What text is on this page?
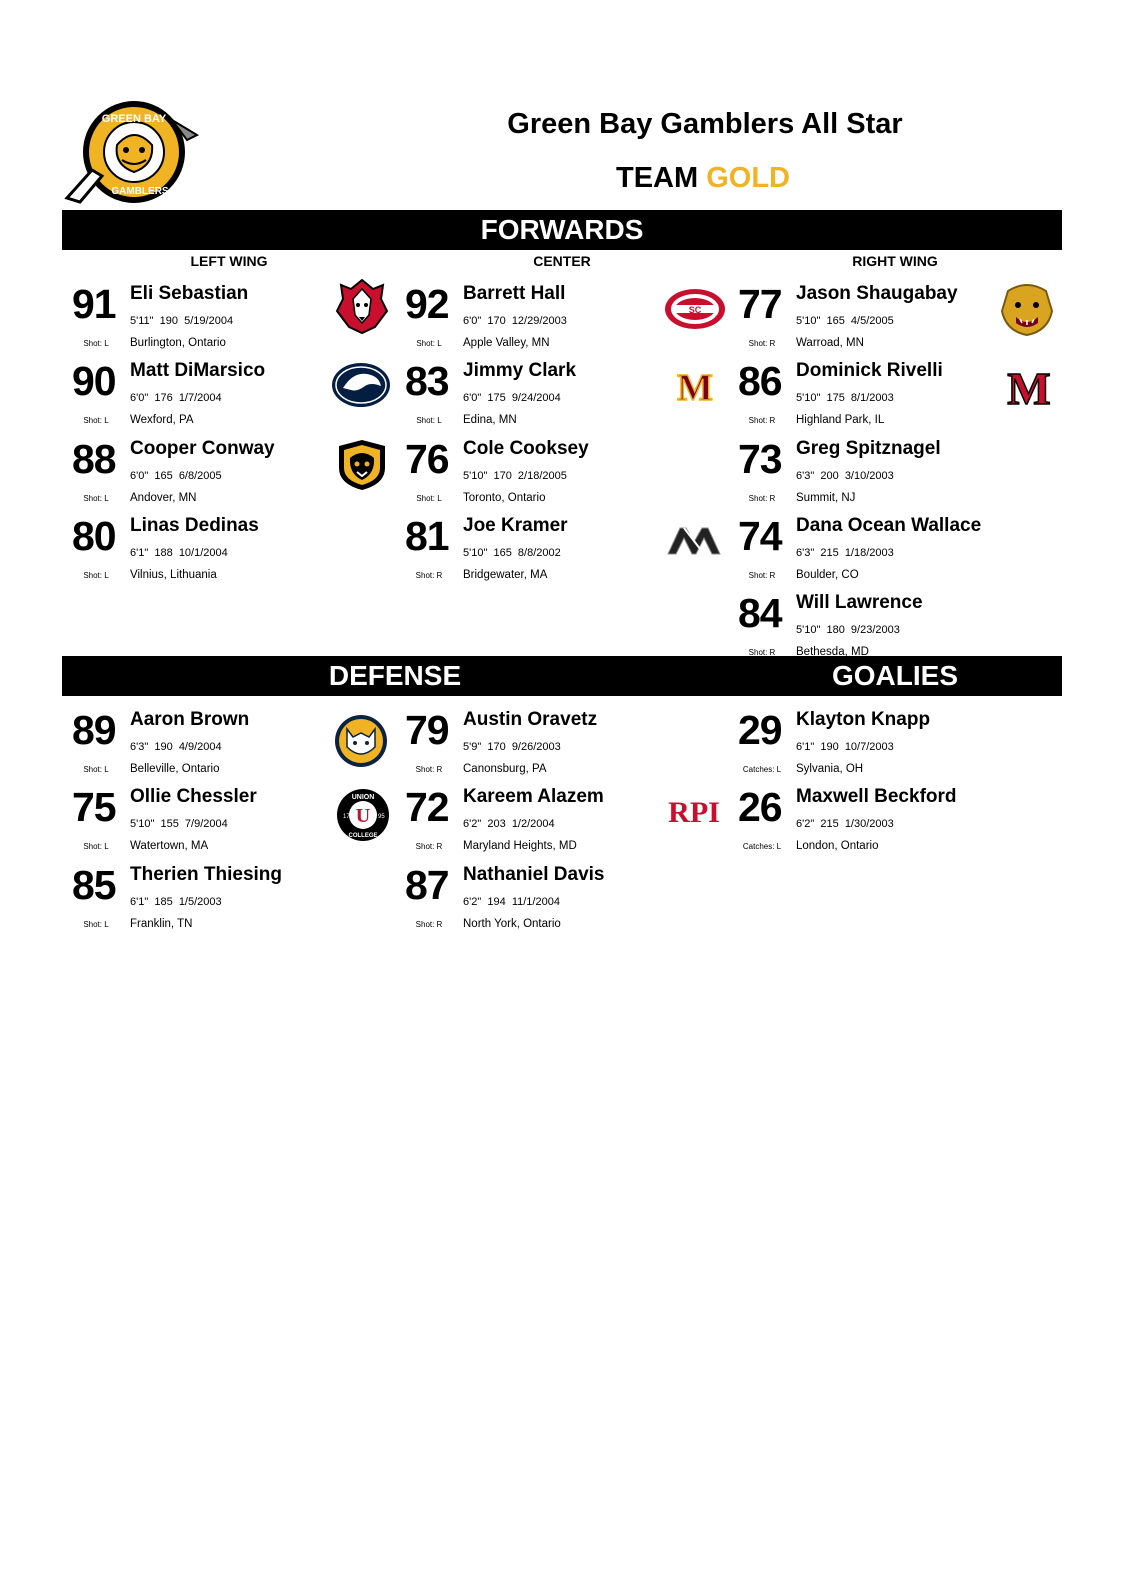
GREEN BAY
GAMBLERS
Green Bay Gamblers All Star
TEAM GOLD
FORWARDS
LEFT WING	CENTER	RIGHT WING
DEFENSE	GOALIES
91 Eli Sebastian
5'11"  190  5/19/2004
Shot: L	Burlington, Ontario
90 Matt DiMarsico
6'0"  176  1/7/2004
Shot: L	Wexford, PA
88 Cooper Conway
6'0"  165  6/8/2005
Shot: L	Andover, MN
80 Linas Dedinas
6'1"  188  10/1/2004
Shot: L	Vilnius, Lithuania
92 Barrett Hall
6'0"  170  12/29/2003
Shot: L	Apple Valley, MN
83 Jimmy Clark
6'0"  175  9/24/2004
Shot: L	Edina, MN
76 Cole Cooksey
5'10"  170  2/18/2005
Shot: L	Toronto, Ontario
81 Joe Kramer
5'10"  165  8/8/2002
Shot: R	Bridgewater, MA
77 Jason Shaugabay
5'10"  165  4/5/2005
Shot: R	Warroad, MN
86 Dominick Rivelli
5'10"  175  8/1/2003
Shot: R	Highland Park, IL
73 Greg Spitznagel
6'3"  200  3/10/2003
Shot: R	Summit, NJ
74 Dana Ocean Wallace
6'3"  215  1/18/2003
Shot: R	Boulder, CO
84 Will Lawrence
5'10"  180  9/23/2003
Shot: R	Bethesda, MD
89 Aaron Brown
6'3"  190  4/9/2004
Shot: L	Belleville, Ontario
75 Ollie Chessler
5'10"  155  7/9/2004
Shot: L	Watertown, MA
85 Therien Thiesing
6'1"  185  1/5/2003
Shot: L	Franklin, TN
79 Austin Oravetz
5'9"  170  9/26/2003
Shot: R	Canonsburg, PA
72 Kareem Alazem
6'2"  203  1/2/2004
Shot: R	Maryland Heights, MD
87 Nathaniel Davis
6'2"  194  11/1/2004
Shot: R	North York, Ontario
29 Klayton Knapp
6'1"  190  10/7/2003
Catches: L	Sylvania, OH
26 Maxwell Beckford
6'2"  215  1/30/2003
Catches: L	London, Ontario
SC
M	M
U
UNION
COLLEGE
17	95	RPI
